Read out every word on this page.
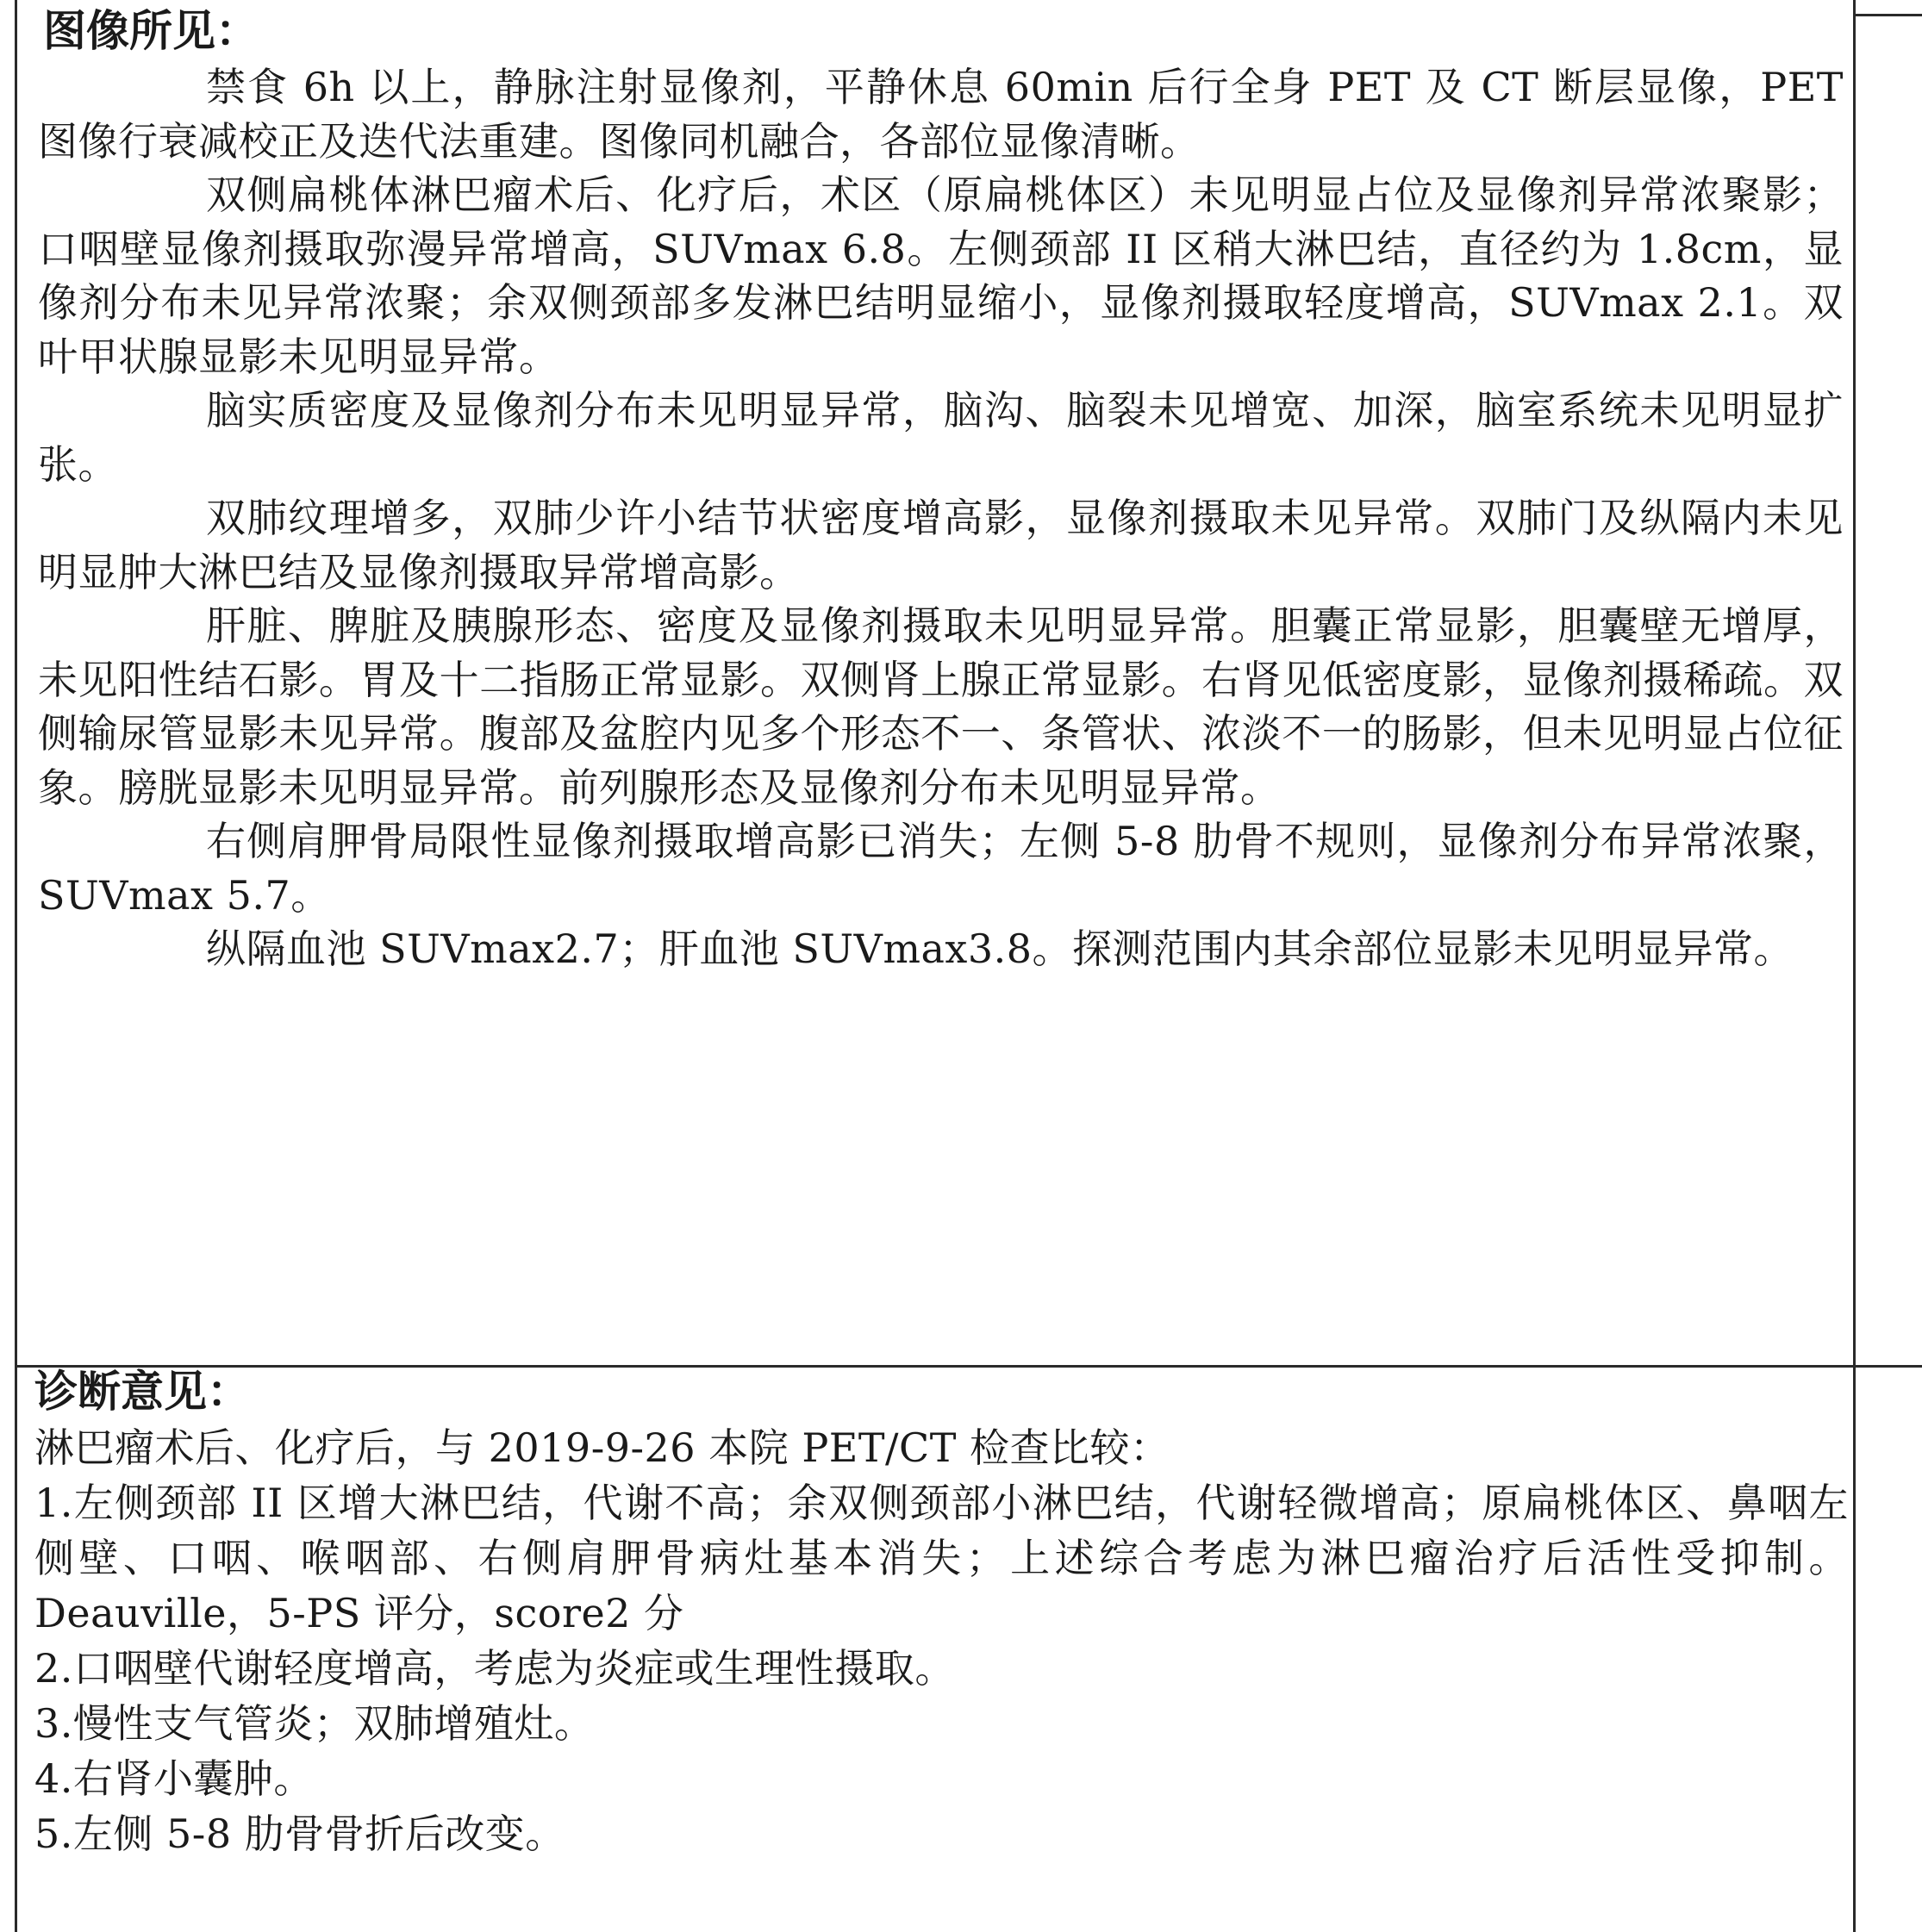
图像所见：

禁食 6h 以上，静脉注射显像剂，平静休息 60min 后行全身 PET 及 CT 断层显像，PET 图像行衰减校正及迭代法重建。图像同机融合，各部位显像清晰。

双侧扁桃体淋巴瘤术后、化疗后，术区（原扁桃体区）未见明显占位及显像剂异常浓聚影；口咽壁显像剂摄取弥漫异常增高，SUVmax 6.8。左侧颈部 II 区稍大淋巴结，直径约为 1.8cm，显像剂分布未见异常浓聚；余双侧颈部多发淋巴结明显缩小，显像剂摄取轻度增高，SUVmax 2.1。双叶甲状腺显影未见明显异常。

脑实质密度及显像剂分布未见明显异常，脑沟、脑裂未见增宽、加深，脑室系统未见明显扩张。

双肺纹理增多，双肺少许小结节状密度增高影，显像剂摄取未见异常。双肺门及纵隔内未见明显肿大淋巴结及显像剂摄取异常增高影。

肝脏、脾脏及胰腺形态、密度及显像剂摄取未见明显异常。胆囊正常显影，胆囊壁无增厚，未见阳性结石影。胃及十二指肠正常显影。双侧肾上腺正常显影。右肾见低密度影，显像剂摄稀疏。双侧输尿管显影未见异常。腹部及盆腔内见多个形态不一、条管状、浓淡不一的肠影，但未见明显占位征象。膀胱显影未见明显异常。前列腺形态及显像剂分布未见明显异常。

右侧肩胛骨局限性显像剂摄取增高影已消失；左侧 5-8 肋骨不规则，显像剂分布异常浓聚，SUVmax 5.7。

纵隔血池 SUVmax2.7；肝血池 SUVmax3.8。探测范围内其余部位显影未见明显异常。

诊断意见：

淋巴瘤术后、化疗后，与 2019-9-26 本院 PET/CT 检查比较：

1.左侧颈部 II 区增大淋巴结，代谢不高；余双侧颈部小淋巴结，代谢轻微增高；原扁桃体区、鼻咽左侧壁、口咽、喉咽部、右侧肩胛骨病灶基本消失；上述综合考虑为淋巴瘤治疗后活性受抑制。Deauville，5-PS 评分，score2 分

2.口咽壁代谢轻度增高，考虑为炎症或生理性摄取。

3.慢性支气管炎；双肺增殖灶。

4.右肾小囊肿。

5.左侧 5-8 肋骨骨折后改变。
